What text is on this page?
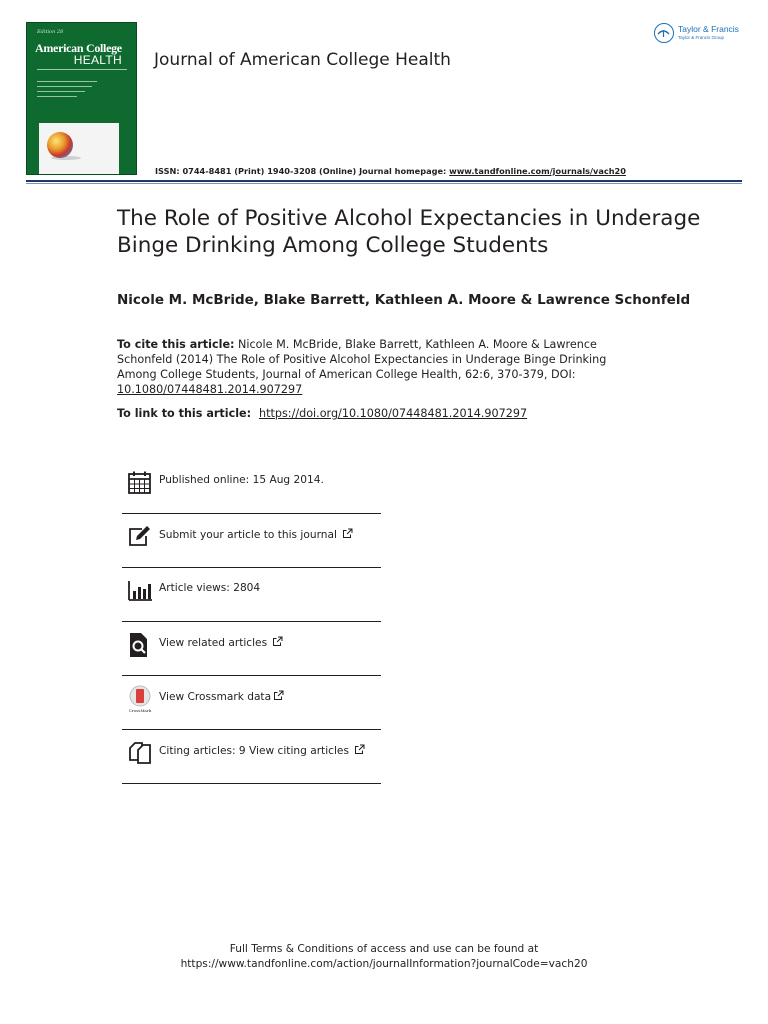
Edition 28
American College
HEALTH Journal of American College Health
ISSN: 0744-8481 (Print) 1940-3208 (Online) Journal homepage: www.tandfonline.com/journals/vach20
Taylor & Francis
Taylor & Francis Group
The Role of Positive Alcohol Expectancies in Underage Binge Drinking Among College Students
Nicole M. McBride, Blake Barrett, Kathleen A. Moore & Lawrence Schonfeld
To cite this article: Nicole M. McBride, Blake Barrett, Kathleen A. Moore & Lawrence Schonfeld (2014) The Role of Positive Alcohol Expectancies in Underage Binge Drinking Among College Students, Journal of American College Health, 62:6, 370-379, DOI: 10.1080/07448481.2014.907297
To link to this article: https://doi.org/10.1080/07448481.2014.907297
Published online: 15 Aug 2014.
Submit your article to this journal
Article views: 2804
View related articles
CrossMark
View Crossmark data
Citing articles: 9 View citing articles
Full Terms & Conditions of access and use can be found at
https://www.tandfonline.com/action/journalInformation?journalCode=vach20
